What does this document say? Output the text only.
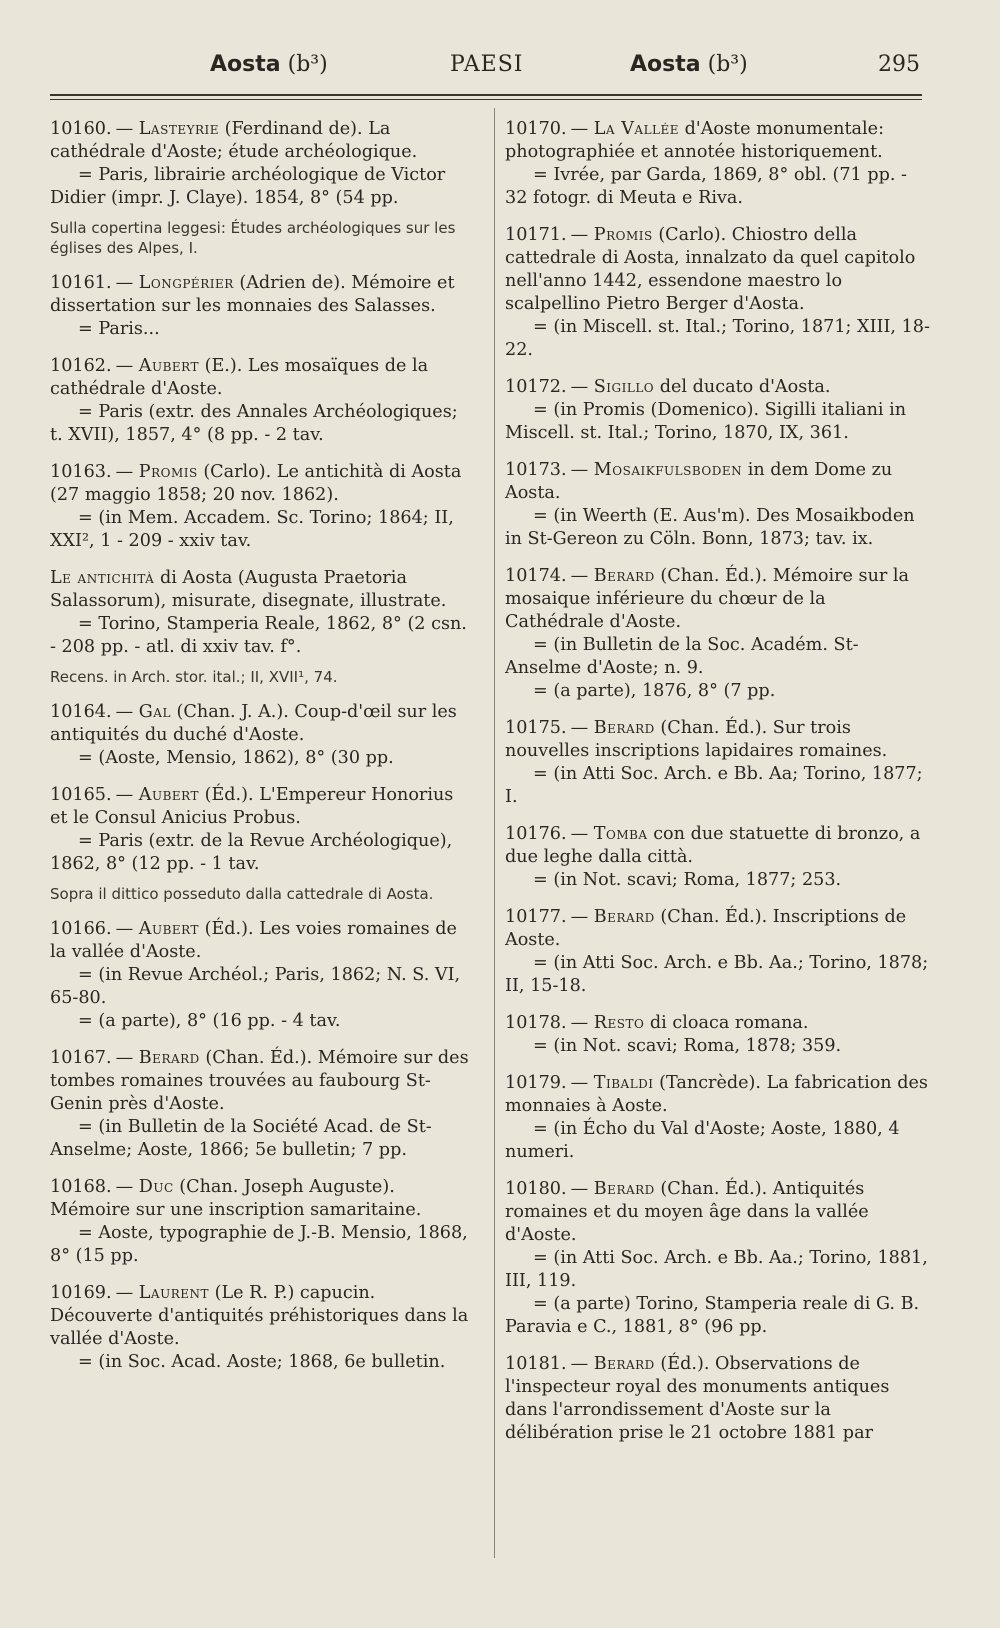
Aosta (b³)	PAESI	Aosta (b³)	295

10160. — Lasteyrie (Ferdinand de). La cathédrale d'Aoste; étude archéologique.

= Paris, librairie archéologique de Victor Didier (impr. J. Claye). 1854, 8° (54 pp.

Sulla copertina leggesi: Études archéologiques sur les églises des Alpes, I.

10161. — Longpérier (Adrien de). Mémoire et dissertation sur les monnaies des Salasses.

= Paris...

10162. — Aubert (E.). Les mosaïques de la cathédrale d'Aoste.

= Paris (extr. des Annales Archéologiques; t. XVII), 1857, 4° (8 pp. - 2 tav.

10163. — Promis (Carlo). Le antichità di Aosta (27 maggio 1858; 20 nov. 1862).

= (in Mem. Accadem. Sc. Torino; 1864; II, XXI², 1 - 209 - xxiv tav.

Le antichità di Aosta (Augusta Praetoria Salassorum), misurate, disegnate, illustrate.

= Torino, Stamperia Reale, 1862, 8° (2 csn. - 208 pp. - atl. di xxiv tav. f°.

Recens. in Arch. stor. ital.; II, XVII¹, 74.

10164. — Gal (Chan. J. A.). Coup-d'œil sur les antiquités du duché d'Aoste.

= (Aoste, Mensio, 1862), 8° (30 pp.

10165. — Aubert (Éd.). L'Empereur Honorius et le Consul Anicius Probus.

= Paris (extr. de la Revue Archéologique), 1862, 8° (12 pp. - 1 tav.

Sopra il dittico posseduto dalla cattedrale di Aosta.

10166. — Aubert (Éd.). Les voies romaines de la vallée d'Aoste.

= (in Revue Archéol.; Paris, 1862; N. S. VI, 65-80.

= (a parte), 8° (16 pp. - 4 tav.

10167. — Berard (Chan. Éd.). Mémoire sur des tombes romaines trouvées au faubourg St-Genin près d'Aoste.

= (in Bulletin de la Société Acad. de St-Anselme; Aoste, 1866; 5e bulletin; 7 pp.

10168. — Duc (Chan. Joseph Auguste). Mémoire sur une inscription samaritaine.

= Aoste, typographie de J.-B. Mensio, 1868, 8° (15 pp.

10169. — Laurent (Le R. P.) capucin. Découverte d'antiquités préhistoriques dans la vallée d'Aoste.

= (in Soc. Acad. Aoste; 1868, 6e bulletin.

10170. — La Vallée d'Aoste monumentale: photographiée et annotée historiquement.

= Ivrée, par Garda, 1869, 8° obl. (71 pp. - 32 fotogr. di Meuta e Riva.

10171. — Promis (Carlo). Chiostro della cattedrale di Aosta, innalzato da quel capitolo nell'anno 1442, essendone maestro lo scalpellino Pietro Berger d'Aosta.

= (in Miscell. st. Ital.; Torino, 1871; XIII, 18-22.

10172. — Sigillo del ducato d'Aosta.

= (in Promis (Domenico). Sigilli italiani in Miscell. st. Ital.; Torino, 1870, IX, 361.

10173. — Mosaikfulsboden in dem Dome zu Aosta.

= (in Weerth (E. Aus'm). Des Mosaikboden in St-Gereon zu Cöln. Bonn, 1873; tav. ix.

10174. — Berard (Chan. Éd.). Mémoire sur la mosaique inférieure du chœur de la Cathédrale d'Aoste.

= (in Bulletin de la Soc. Académ. St-Anselme d'Aoste; n. 9.

= (a parte), 1876, 8° (7 pp.

10175. — Berard (Chan. Éd.). Sur trois nouvelles inscriptions lapidaires romaines.

= (in Atti Soc. Arch. e Bb. Aa; Torino, 1877; I.

10176. — Tomba con due statuette di bronzo, a due leghe dalla città.

= (in Not. scavi; Roma, 1877; 253.

10177. — Berard (Chan. Éd.). Inscriptions de Aoste.

= (in Atti Soc. Arch. e Bb. Aa.; Torino, 1878; II, 15-18.

10178. — Resto di cloaca romana.

= (in Not. scavi; Roma, 1878; 359.

10179. — Tibaldi (Tancrède). La fabrication des monnaies à Aoste.

= (in Écho du Val d'Aoste; Aoste, 1880, 4 numeri.

10180. — Berard (Chan. Éd.). Antiquités romaines et du moyen âge dans la vallée d'Aoste.

= (in Atti Soc. Arch. e Bb. Aa.; Torino, 1881, III, 119.

= (a parte) Torino, Stamperia reale di G. B. Paravia e C., 1881, 8° (96 pp.

10181. — Berard (Éd.). Observations de l'inspecteur royal des monuments antiques dans l'arrondissement d'Aoste sur la délibération prise le 21 octobre 1881 par
